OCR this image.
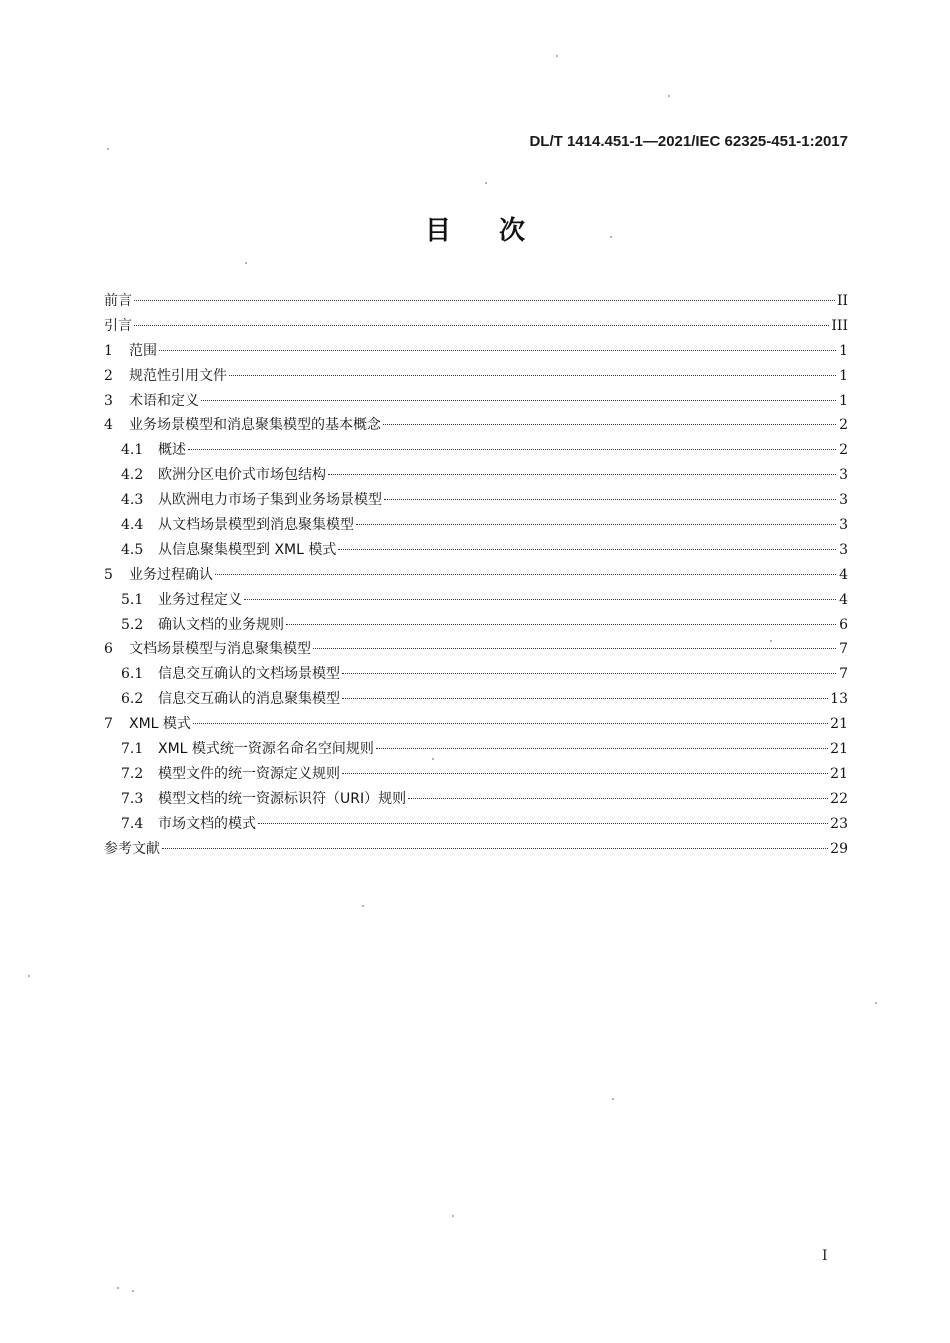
DL/T 1414.451-1—2021/IEC 62325-451-1:2017
目次
前言	II
引言	III
1	范围	1
2	规范性引用文件	1
3	术语和定义	1
4	业务场景模型和消息聚集模型的基本概念	2
4.1	概述	2
4.2	欧洲分区电价式市场包结构	3
4.3	从欧洲电力市场子集到业务场景模型	3
4.4	从文档场景模型到消息聚集模型	3
4.5	从信息聚集模型到 XML 模式	3
5	业务过程确认	4
5.1	业务过程定义	4
5.2	确认文档的业务规则	6
6	文档场景模型与消息聚集模型	7
6.1	信息交互确认的文档场景模型	7
6.2	信息交互确认的消息聚集模型	13
7	XML 模式	21
7.1	XML 模式统一资源名命名空间规则	21
7.2	模型文件的统一资源定义规则	21
7.3	模型文档的统一资源标识符（URI）规则	22
7.4	市场文档的模式	23
参考文献	29
I
